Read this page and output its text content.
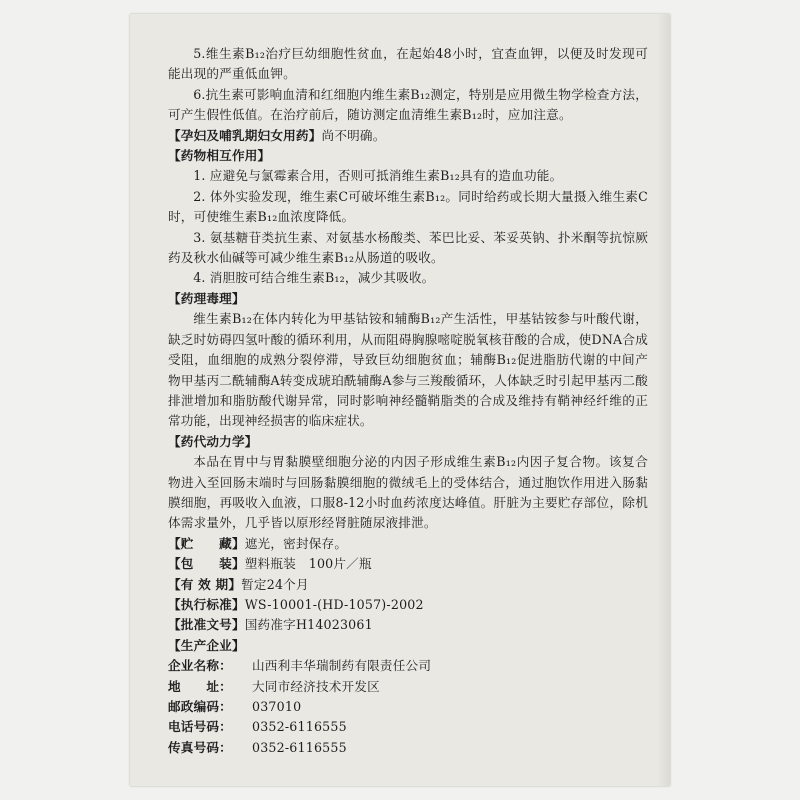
5.维生素B₁₂治疗巨幼细胞性贫血，在起始48小时，宜查血钾，以便及时发现可能出现的严重低血钾。

6.抗生素可影响血清和红细胞内维生素B₁₂测定，特别是应用微生物学检查方法，可产生假性低值。在治疗前后，随访测定血清维生素B₁₂时，应加注意。

【孕妇及哺乳期妇女用药】尚不明确。

【药物相互作用】

1. 应避免与氯霉素合用，否则可抵消维生素B₁₂具有的造血功能。

2. 体外实验发现，维生素C可破坏维生素B₁₂。同时给药或长期大量摄入维生素C时，可使维生素B₁₂血浓度降低。

3. 氨基糖苷类抗生素、对氨基水杨酸类、苯巴比妥、苯妥英钠、扑米酮等抗惊厥药及秋水仙碱等可减少维生素B₁₂从肠道的吸收。

4. 消胆胺可结合维生素B₁₂，减少其吸收。

【药理毒理】

维生素B₁₂在体内转化为甲基钴铵和辅酶B₁₂产生活性，甲基钴铵参与叶酸代谢，缺乏时妨碍四氢叶酸的循环利用，从而阻碍胸腺嘧啶脱氧核苷酸的合成，使DNA合成受阻，血细胞的成熟分裂停滞，导致巨幼细胞贫血；辅酶B₁₂促进脂肪代谢的中间产物甲基丙二酰辅酶A转变成琥珀酰辅酶A参与三羧酸循环，人体缺乏时引起甲基丙二酸排泄增加和脂肪酸代谢异常，同时影响神经髓鞘脂类的合成及维持有鞘神经纤维的正常功能，出现神经损害的临床症状。

【药代动力学】

本品在胃中与胃黏膜壁细胞分泌的内因子形成维生素B₁₂内因子复合物。该复合物进入至回肠末端时与回肠黏膜细胞的微绒毛上的受体结合，通过胞饮作用进入肠黏膜细胞，再吸收入血液，口服8-12小时血药浓度达峰值。肝脏为主要贮存部位，除机体需求量外，几乎皆以原形经肾脏随尿液排泄。

【贮　　藏】遮光，密封保存。

【包　　装】塑料瓶装　100片／瓶

【有 效 期】暂定24个月

【执行标准】WS-10001-(HD-1057)-2002

【批准文号】国药准字H14023061

【生产企业】

企业名称： 山西利丰华瑞制药有限责任公司

地　　址： 大同市经济技术开发区

邮政编码： 037010

电话号码： 0352-6116555

传真号码： 0352-6116555
